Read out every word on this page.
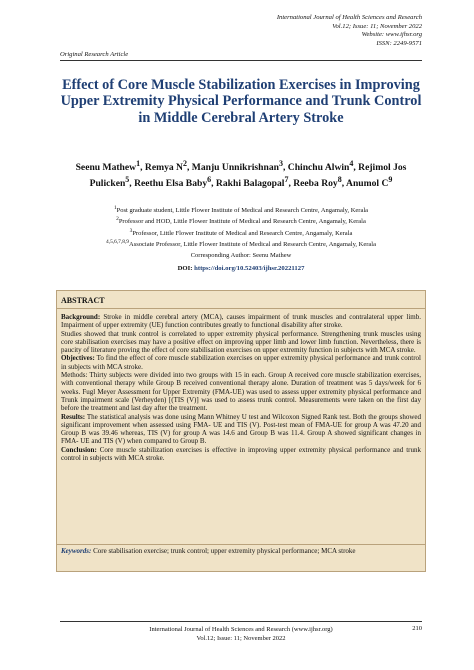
International Journal of Health Sciences and Research
Vol.12; Issue: 11; November 2022
Website: www.ijhsr.org
ISSN: 2249-9571
Original Research Article
Effect of Core Muscle Stabilization Exercises in Improving Upper Extremity Physical Performance and Trunk Control in Middle Cerebral Artery Stroke
Seenu Mathew$^1$, Remya $N^2$, Manju Unnikrishnan$^3$, Chinchu Alwin$^4$, Rejimol Jos Pulicken$^5$, Reethu Elsa Baby$^6$, Rakhi Balagopal$^7$, Reeba Roy$^8$, Anumol $C^9$
$^1$Post graduate student, Little Flower Institute of Medical and Research Centre, Angamaly, Kerala
$^2$Professor and HOD, Little Flower Institute of Medical and Research Centre, Angamaly, Kerala
$^3$Professor, Little Flower Institute of Medical and Research Centre, Angamaly, Kerala
$^{4,5,6,7,8,9}$Associate Professor, Little Flower Institute of Medical and Research Centre, Angamaly, Kerala
Corresponding Author: Seenu Mathew
DOI: https://doi.org/10.52403/ijhsr.20221127
ABSTRACT

Background: Stroke in middle cerebral artery (MCA), causes impairment of trunk muscles and contralateral upper limb. Impairment of upper extremity (UE) function contributes greatly to functional disability after stroke.

Studies showed that trunk control is correlated to upper extremity physical performance. Strengthening trunk muscles using core stabilisation exercises may have a positive effect on improving upper limb and lower limb function. Nevertheless, there is paucity of literature proving the effect of core stabilisation exercises on upper extremity function in subjects with MCA stroke.

Objectives: To find the effect of core muscle stabilization exercises on upper extremity physical performance and trunk control in subjects with MCA stroke.

Methods: Thirty subjects were divided into two groups with 15 in each. Group A received core muscle stabilization exercises, with conventional therapy while Group B received conventional therapy alone. Duration of treatment was 5 days/week for 6 weeks. Fugl Meyer Assessment for Upper Extremity (FMA-UE) was used to assess upper extremity physical performance and Trunk impairment scale (Verheyden) [(TIS (V)] was used to assess trunk control. Measurements were taken on the first day before the treatment and last day after the treatment.

Results: The statistical analysis was done using Mann Whitney U test and Wilcoxon Signed Rank test. Both the groups showed significant improvement when assessed using FMA- UE and TIS (V). Post-test mean of FMA-UE for group A was 47.20 and Group B was 39.46 whereas, TIS (V) for group A was 14.6 and Group B was 11.4. Group A showed significant changes in FMA- UE and TIS (V) when compared to Group B.

Conclusion: Core muscle stabilization exercises is effective in improving upper extremity physical performance and trunk control in subjects with MCA stroke.

Keywords: Core stabilisation exercise; trunk control; upper extremity physical performance; MCA stroke
International Journal of Health Sciences and Research (www.ijhsr.org)
Vol.12; Issue: 11; November 2022
210
